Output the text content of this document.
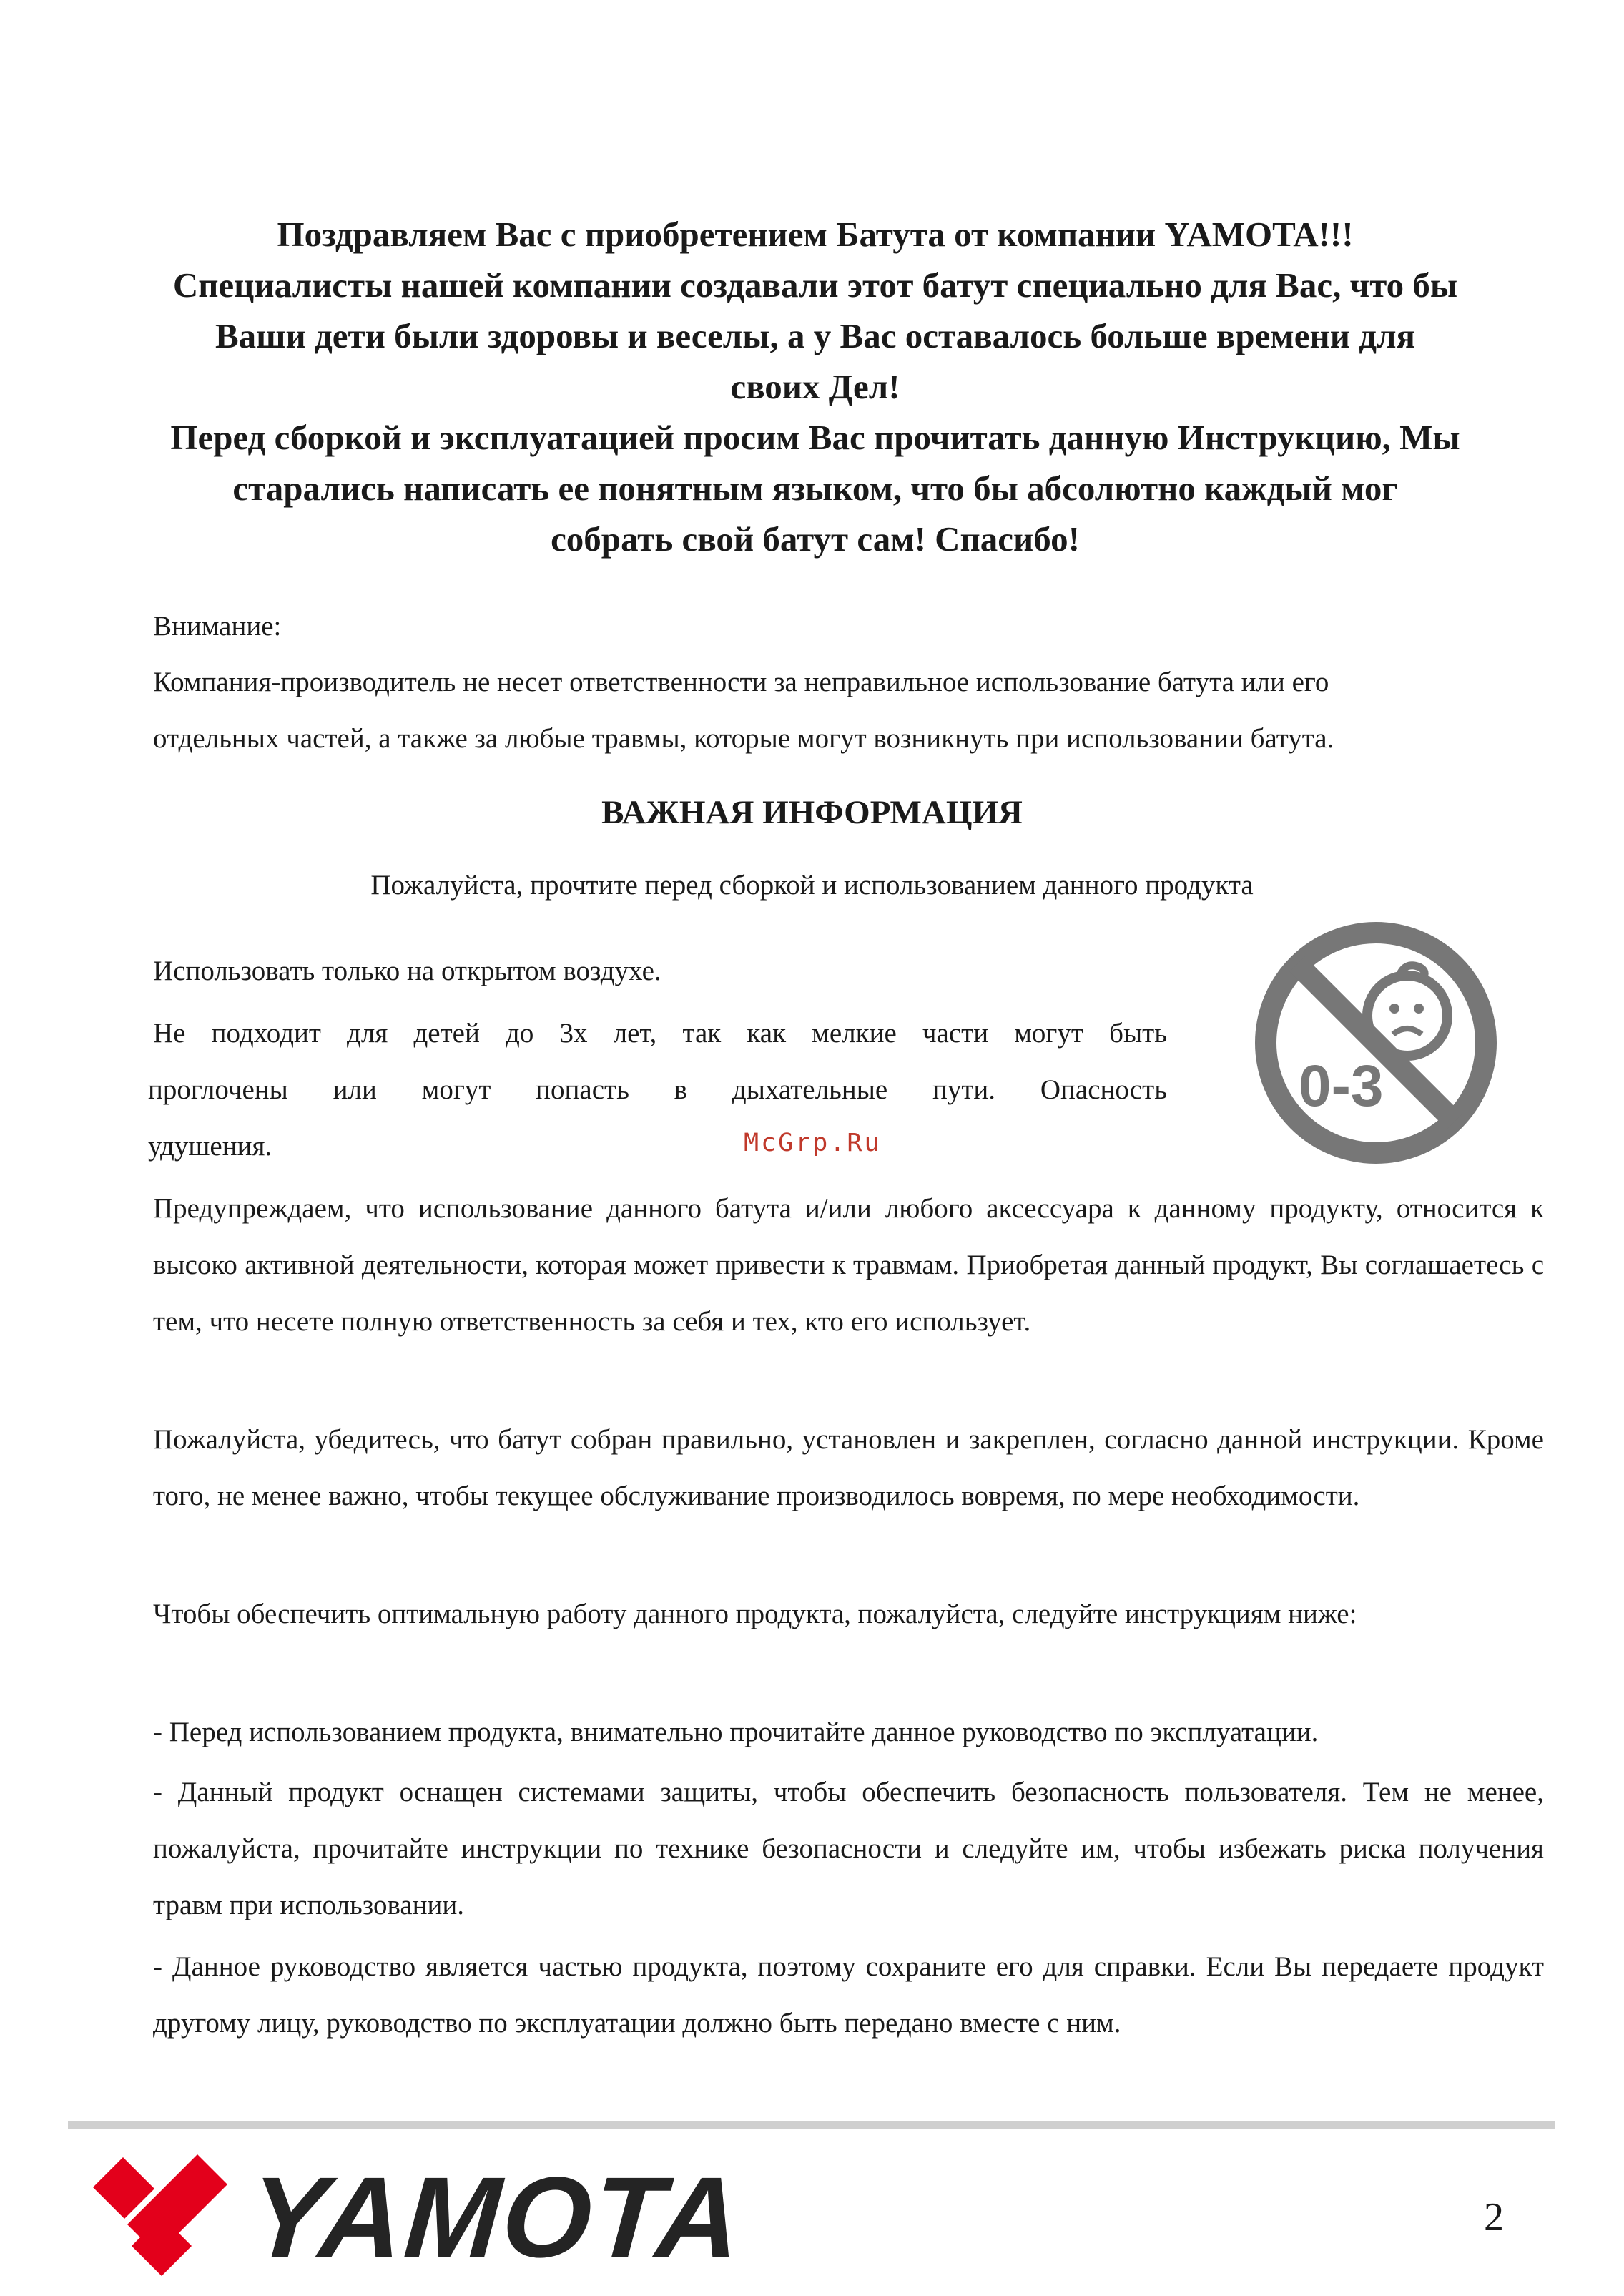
Поздравляем Вас с приобретением Батута от компании YAMOTA!!!

Специалисты нашей компании создавали этот батут специально для Вас, что бы

Ваши дети были здоровы и веселы, а у Вас оставалось больше времени для

своих Дел!

Перед сборкой и эксплуатацией просим Вас прочитать данную Инструкцию, Мы

старались написать ее понятным языком, что бы абсолютно каждый мог

собрать свой батут сам! Спасибо!

Внимание:
Компания-производитель не несет ответственности за неправильное использование батута или его
отдельных частей, а также за любые травмы, которые могут возникнуть при использовании батута.
ВАЖНАЯ ИНФОРМАЦИЯ
Пожалуйста, прочтите перед сборкой и использованием данного продукта
Использовать только на открытом воздухе.
Не подходит для детей до 3х лет, так как мелкие части могут быть
проглочены или могут попасть в дыхательные пути. Опасность
удушения.
0-3
McGrp.Ru
Предупреждаем, что использование данного батута и/или любого аксессуара к данному продукту, относится к высоко активной деятельности, которая может привести к травмам. Приобретая данный продукт, Вы соглашаетесь с тем, что несете полную ответственность за себя и тех, кто его использует.
Пожалуйста, убедитесь, что батут собран правильно, установлен и закреплен, согласно данной инструкции. Кроме того, не менее важно, чтобы текущее обслуживание производилось вовремя, по мере необходимости.
Чтобы обеспечить оптимальную работу данного продукта, пожалуйста, следуйте инструкциям ниже:
- Перед использованием продукта, внимательно прочитайте данное руководство по эксплуатации.
- Данный продукт оснащен системами защиты, чтобы обеспечить безопасность пользователя. Тем не менее, пожалуйста, прочитайте инструкции по технике безопасности и следуйте им, чтобы избежать риска получения травм при использовании.
- Данное руководство является частью продукта, поэтому сохраните его для справки. Если Вы передаете продукт другому лицу, руководство по эксплуатации должно быть передано вместе с ним.
YAMOTA	2
